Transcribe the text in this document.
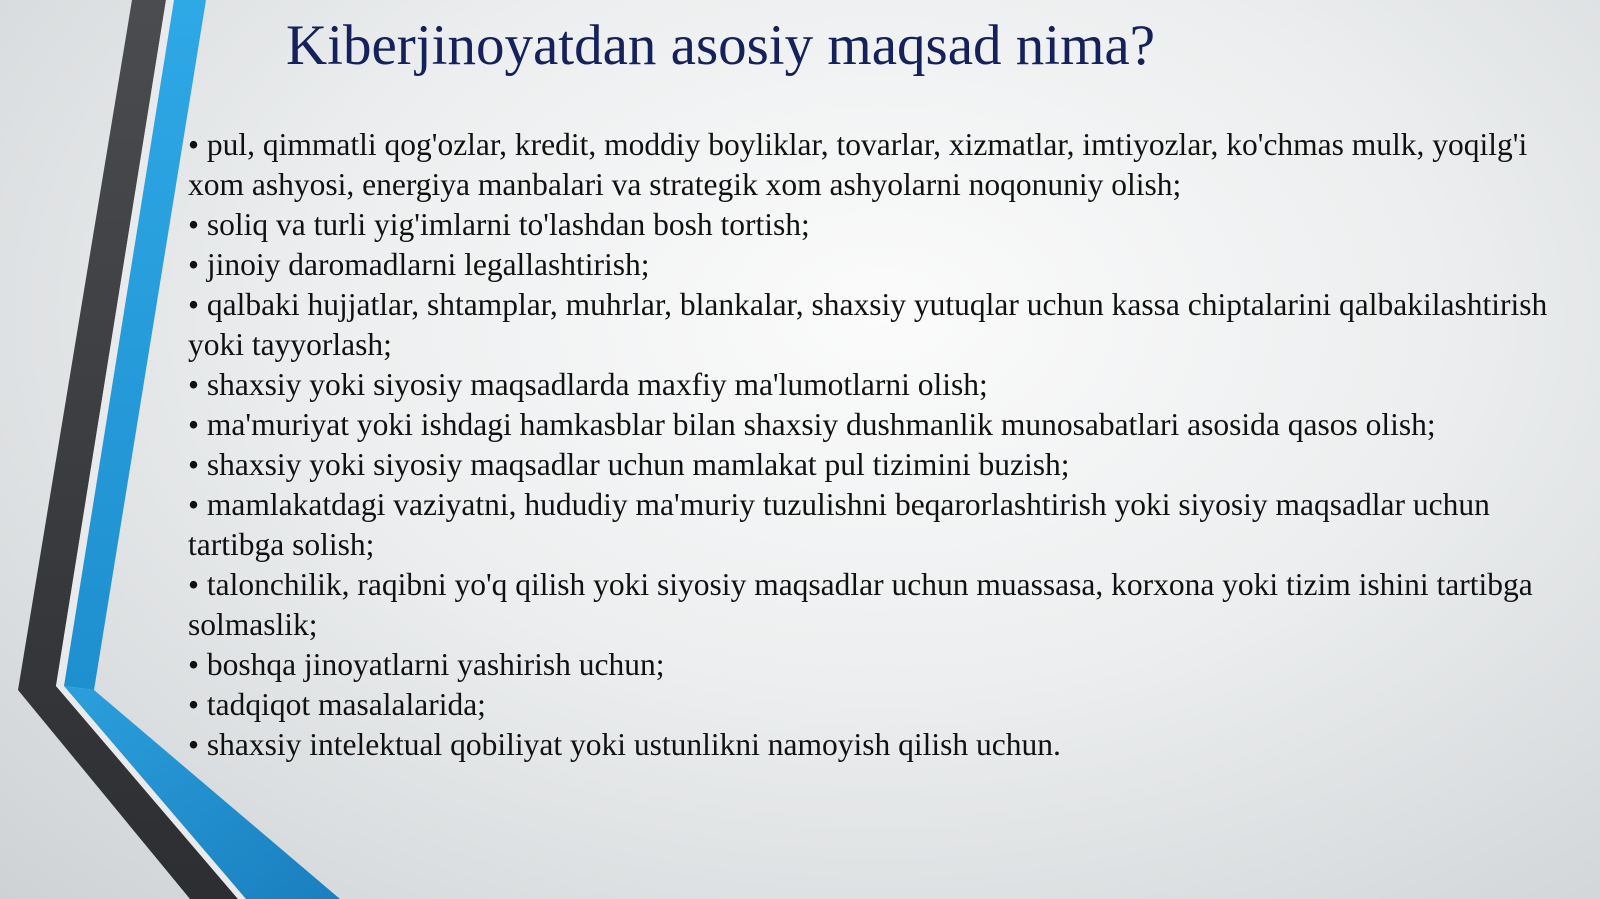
Kiberjinoyatdan asosiy maqsad nima?
• pul, qimmatli qog'ozlar, kredit, moddiy boyliklar, tovarlar, xizmatlar, imtiyozlar, ko'chmas mulk, yoqilg'i xom ashyosi, energiya manbalari va strategik xom ashyolarni noqonuniy olish;
• soliq va turli yig'imlarni to'lashdan bosh tortish;
• jinoiy daromadlarni legallashtirish;
• qalbaki hujjatlar, shtamplar, muhrlar, blankalar, shaxsiy yutuqlar uchun kassa chiptalarini qalbakilashtirish yoki tayyorlash;
• shaxsiy yoki siyosiy maqsadlarda maxfiy ma'lumotlarni olish;
• ma'muriyat yoki ishdagi hamkasblar bilan shaxsiy dushmanlik munosabatlari asosida qasos olish;
• shaxsiy yoki siyosiy maqsadlar uchun mamlakat pul tizimini buzish;
• mamlakatdagi vaziyatni, hududiy ma'muriy tuzulishni beqarorlashtirish yoki siyosiy maqsadlar uchun tartibga solish;
• talonchilik, raqibni yo'q qilish yoki siyosiy maqsadlar uchun muassasa, korxona yoki tizim ishini tartibga solmaslik;
• boshqa jinoyatlarni yashirish uchun;
• tadqiqot masalalarida;
• shaxsiy intelektual qobiliyat yoki ustunlikni namoyish qilish uchun.
